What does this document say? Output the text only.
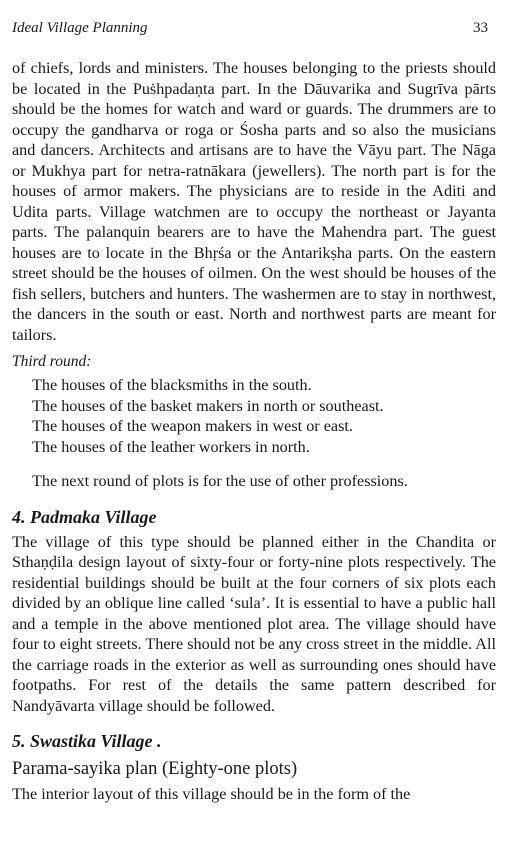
Ideal Village Planning	33

of chiefs, lords and ministers. The houses belonging to the priests should be located in the Puṡhpadaṇta part. In the Dāuvarika and Sugrīva pārts should be the homes for watch and ward or guards. The drummers are to occupy the gandharva or roga or Śosha parts and so also the musicians and dancers. Architects and artisans are to have the Vāyu part. The Nāga or Mukhya part for netra-ratnākara (jewellers). The north part is for the houses of armor makers. The physicians are to reside in the Aditi and Udita parts. Village watchmen are to occupy the northeast or Jayanta parts. The palanquin bearers are to have the Mahendra part. The guest houses are to locate in the Bhṛśa or the Antarikṣha parts. On the eastern street should be the houses of oilmen. On the west should be houses of the fish sellers, butchers and hunters. The washermen are to stay in northwest, the dancers in the south or east. North and northwest parts are meant for tailors.

Third round:
The houses of the blacksmiths in the south.
The houses of the basket makers in north or southeast.
The houses of the weapon makers in west or east.
The houses of the leather workers in north.

The next round of plots is for the use of other professions.

4. Padmaka Village

The village of this type should be planned either in the Chandita or Sthaṇḍila design layout of sixty-four or forty-nine plots respectively. The residential buildings should be built at the four corners of six plots each divided by an oblique line called ‘sula’. It is essential to have a public hall and a temple in the above mentioned plot area. The village should have four to eight streets. There should not be any cross street in the middle. All the carriage roads in the exterior as well as surrounding ones should have footpaths. For rest of the details the same pattern described for Nandyāvarta village should be followed.

5. Swastika Village .
Parama-sayika plan (Eighty-one plots)

The interior layout of this village should be in the form of the
